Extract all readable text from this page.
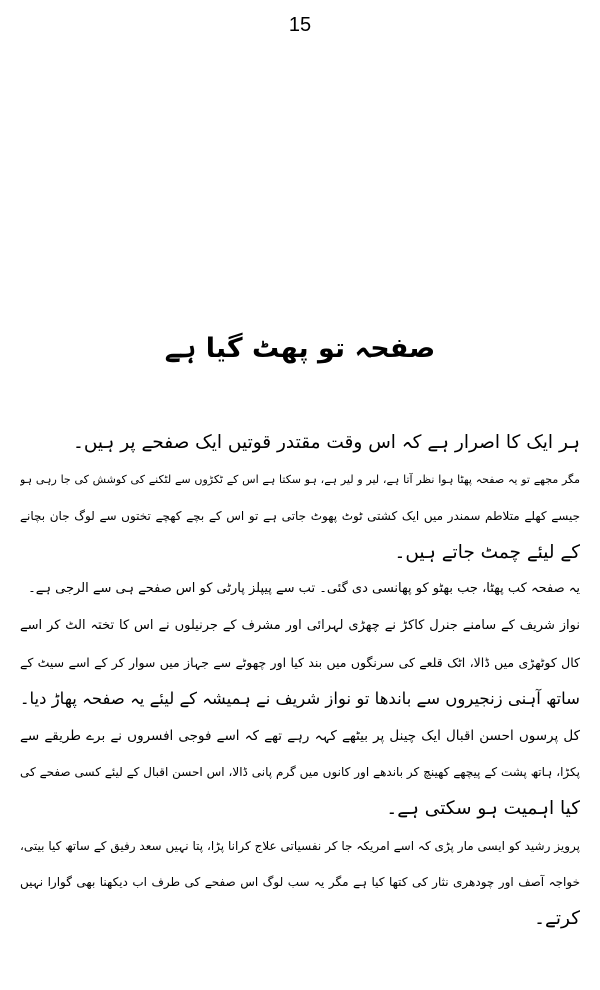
15
صفحہ تو پھٹ گیا ہے
ہر ایک کا اصرار ہے کہ اس وقت مقتدر قوتیں ایک صفحے پر ہیں۔
مگر مجھے تو یہ صفحہ پھٹا ہوا نظر آتا ہے، لیر و لیر ہے، ہو سکتا ہے اس کے ٹکڑوں سے لٹکنے کی کوشش کی جا رہی ہو
جیسے کھلے متلاطم سمندر میں ایک کشتی ٹوٹ پھوٹ جاتی ہے تو اس کے بچے کھچے تختوں سے لوگ جان بچانے
کے لیئے چمٹ جاتے ہیں۔
یہ صفحہ کب پھٹا، جب بھٹو کو پھانسی دی گئی۔ تب سے پیپلز پارٹی کو اس صفحے ہی سے الرجی ہے۔
نواز شریف کے سامنے جنرل کاکڑ نے چھڑی لہرائی اور مشرف کے جرنیلوں نے اس کا تختہ الٹ کر اسے
کال کوٹھڑی میں ڈالا، اٹک قلعے کی سرنگوں میں بند کیا اور چھوٹے سے جہاز میں سوار کر کے اسے سیٹ کے
ساتھ آہنی زنجیروں سے باندھا تو نواز شریف نے ہمیشہ کے لیئے یہ صفحہ پھاڑ دیا۔
کل پرسوں احسن اقبال ایک چینل پر بیٹھے کہہ رہے تھے کہ اسے فوجی افسروں نے برے طریقے سے
پکڑا، ہاتھ پشت کے پیچھے کھینچ کر باندھے اور کانوں میں گرم پانی ڈالا، اس احسن اقبال کے لیئے کسی صفحے کی
کیا اہمیت ہو سکتی ہے۔
پرویز رشید کو ایسی مار پڑی کہ اسے امریکہ جا کر نفسیاتی علاج کرانا پڑا، پتا نہیں سعد رفیق کے ساتھ کیا بیتی،
خواجہ آصف اور چودھری نثار کی کتھا کیا ہے مگر یہ سب لوگ اس صفحے کی طرف اب دیکھنا بھی گوارا نہیں
کرتے۔
